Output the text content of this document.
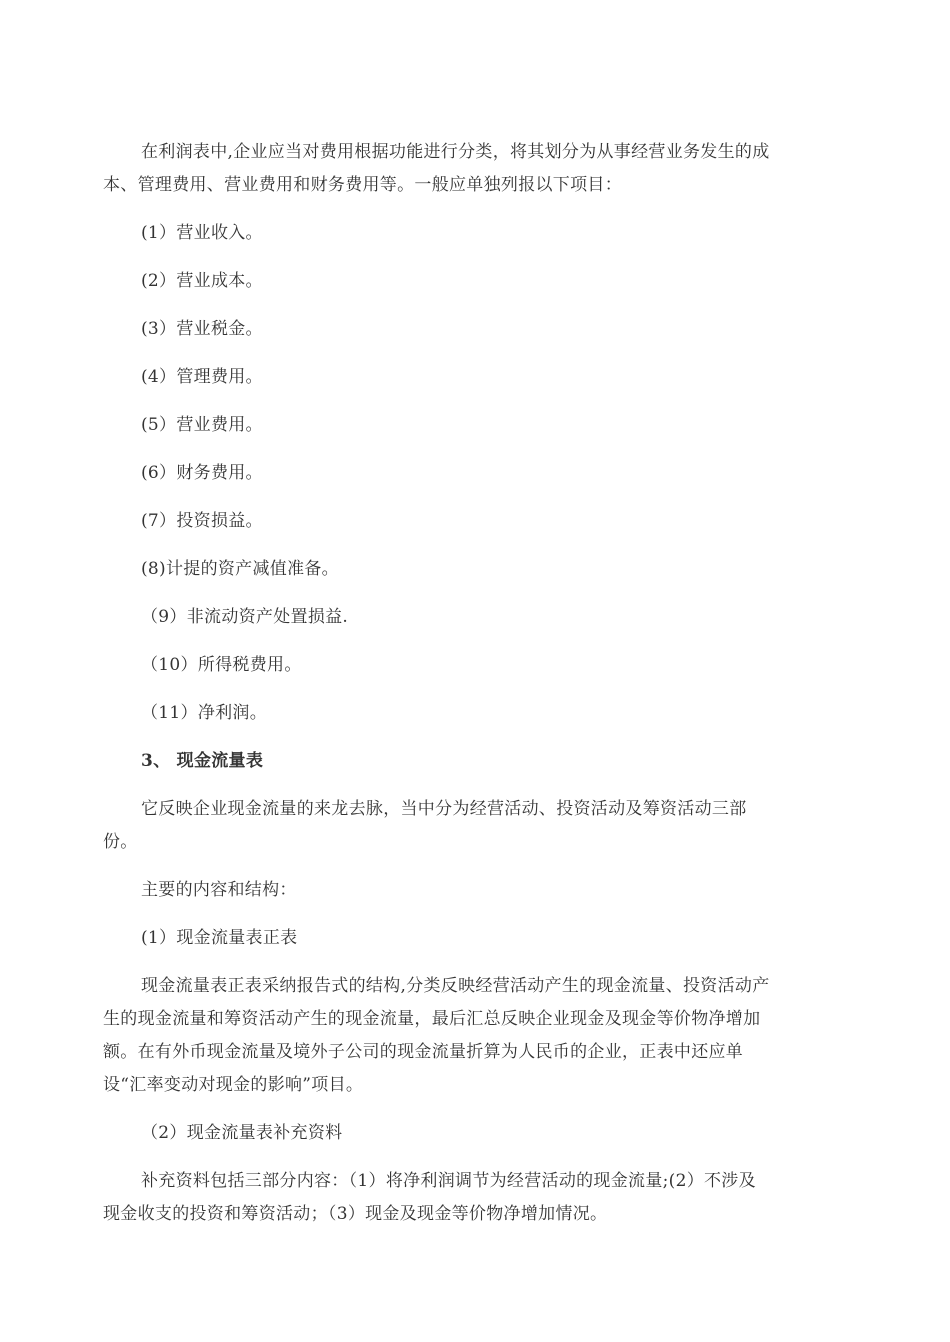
在利润表中,企业应当对费用根据功能进行分类，将其划分为从事经营业务发生的成本、管理费用、营业费用和财务费用等。一般应单独列报以下项目：

(1）营业收入。

(2）营业成本。

(3）营业税金。

(4）管理费用。

(5）营业费用。

(6）财务费用。

(7）投资损益。

(8)计提的资产减值准备。

（9）非流动资产处置损益.

（10）所得税费用。

（11）净利润。

3、 现金流量表

它反映企业现金流量的来龙去脉，当中分为经营活动、投资活动及筹资活动三部份。

主要的内容和结构：

(1）现金流量表正表

现金流量表正表采纳报告式的结构,分类反映经营活动产生的现金流量、投资活动产生的现金流量和筹资活动产生的现金流量，最后汇总反映企业现金及现金等价物净增加额。在有外币现金流量及境外子公司的现金流量折算为人民币的企业，正表中还应单设“汇率变动对现金的影响”项目。

（2）现金流量表补充资料

补充资料包括三部分内容：（1）将净利润调节为经营活动的现金流量;(2）不涉及现金收支的投资和筹资活动；（3）现金及现金等价物净增加情况。
